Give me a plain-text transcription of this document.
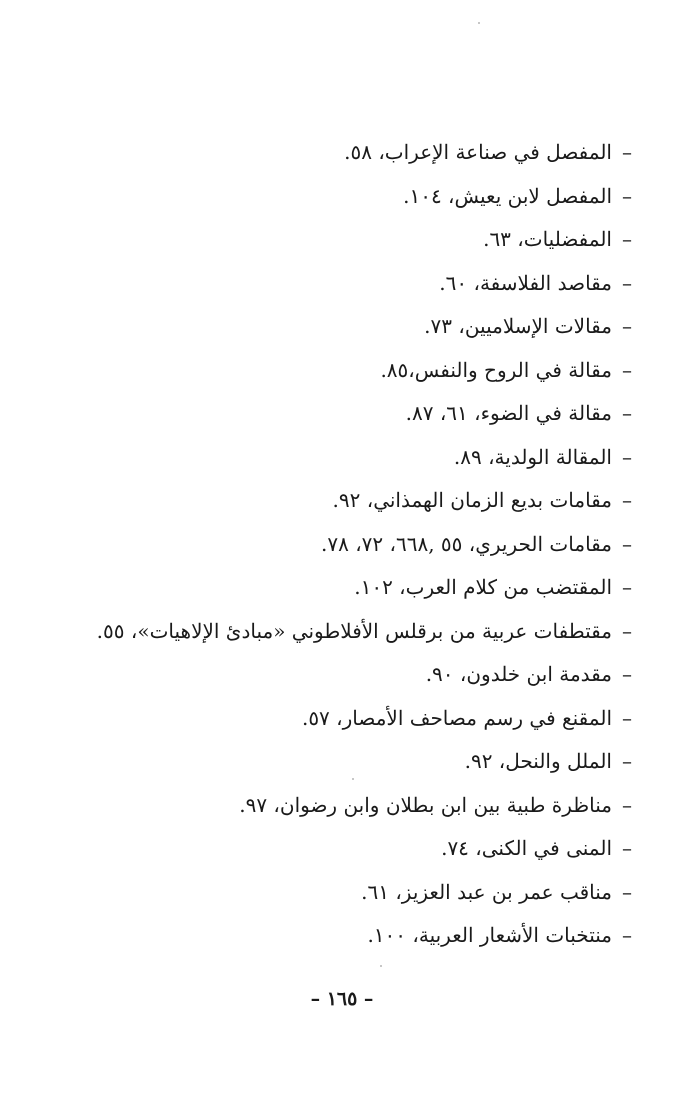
–المفصل في صناعة الإعراب، ٥٨.
–المفصل لابن يعيش، ١٠٤.
–المفضليات، ٦٣.
–مقاصد الفلاسفة، ٦٠.
–مقالات الإسلاميين، ٧٣.
–مقالة في الروح والنفس،٨٥.
–مقالة في الضوء، ٦١، ٨٧.
–المقالة الولدية، ٨٩.
–مقامات بديع الزمان الهمذاني، ٩٢.
–مقامات الحريري، ٥٥ ,٦٦٨، ٧٢، ٧٨.
–المقتضب من كلام العرب، ١٠٢.
–مقتطفات عربية من برقلس الأفلاطوني «مبادئ الإلاهيات»، ٥٥.
–مقدمة ابن خلدون، ٩٠.
–المقنع في رسم مصاحف الأمصار، ٥٧.
–الملل والنحل، ٩٢.
–مناظرة طبية بين ابن بطلان وابن رضوان، ٩٧.
–المنى في الكنى، ٧٤.
–مناقب عمر بن عبد العزيز، ٦١.
–منتخبات الأشعار العربية، ١٠٠.
– ١٦٥ –
